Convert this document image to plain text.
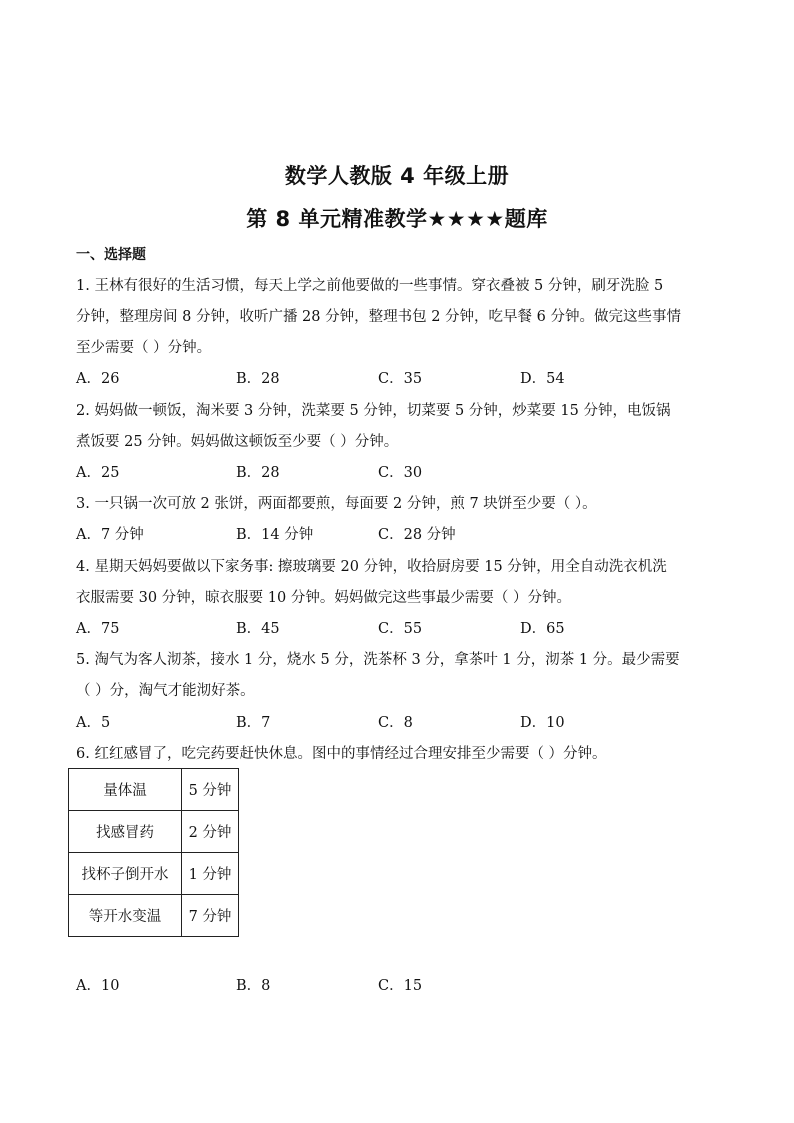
数学人教版 4 年级上册
第 8 单元精准教学★★★★题库
一、选择题
1. 王林有很好的生活习惯，每天上学之前他要做的一些事情。穿衣叠被 5 分钟，刷牙洗脸 5
分钟，整理房间 8 分钟，收听广播 28 分钟，整理书包 2 分钟，吃早餐 6 分钟。做完这些事情
至少需要（ ）分钟。
A．26	B．28	C．35	D．54
2. 妈妈做一顿饭，淘米要 3 分钟，洗菜要 5 分钟，切菜要 5 分钟，炒菜要 15 分钟，电饭锅
煮饭要 25 分钟。妈妈做这顿饭至少要（ ）分钟。
A．25	B．28	C．30
3. 一只锅一次可放 2 张饼，两面都要煎，每面要 2 分钟，煎 7 块饼至少要（ ）。
A．7 分钟	B．14 分钟	C．28 分钟
4. 星期天妈妈要做以下家务事: 擦玻璃要 20 分钟，收拾厨房要 15 分钟，用全自动洗衣机洗
衣服需要 30 分钟，晾衣服要 10 分钟。妈妈做完这些事最少需要（ ）分钟。
A．75	B．45	C．55	D．65
5. 淘气为客人沏茶，接水 1 分，烧水 5 分，洗茶杯 3 分，拿茶叶 1 分，沏茶 1 分。最少需要
（ ）分，淘气才能沏好茶。
A．5	B．7	C．8	D．10
6. 红红感冒了，吃完药要赶快休息。图中的事情经过合理安排至少需要（ ）分钟。
量体温	5 分钟
找感冒药	2 分钟
找杯子倒开水	1 分钟
等开水变温	7 分钟
A．10	B．8	C．15
